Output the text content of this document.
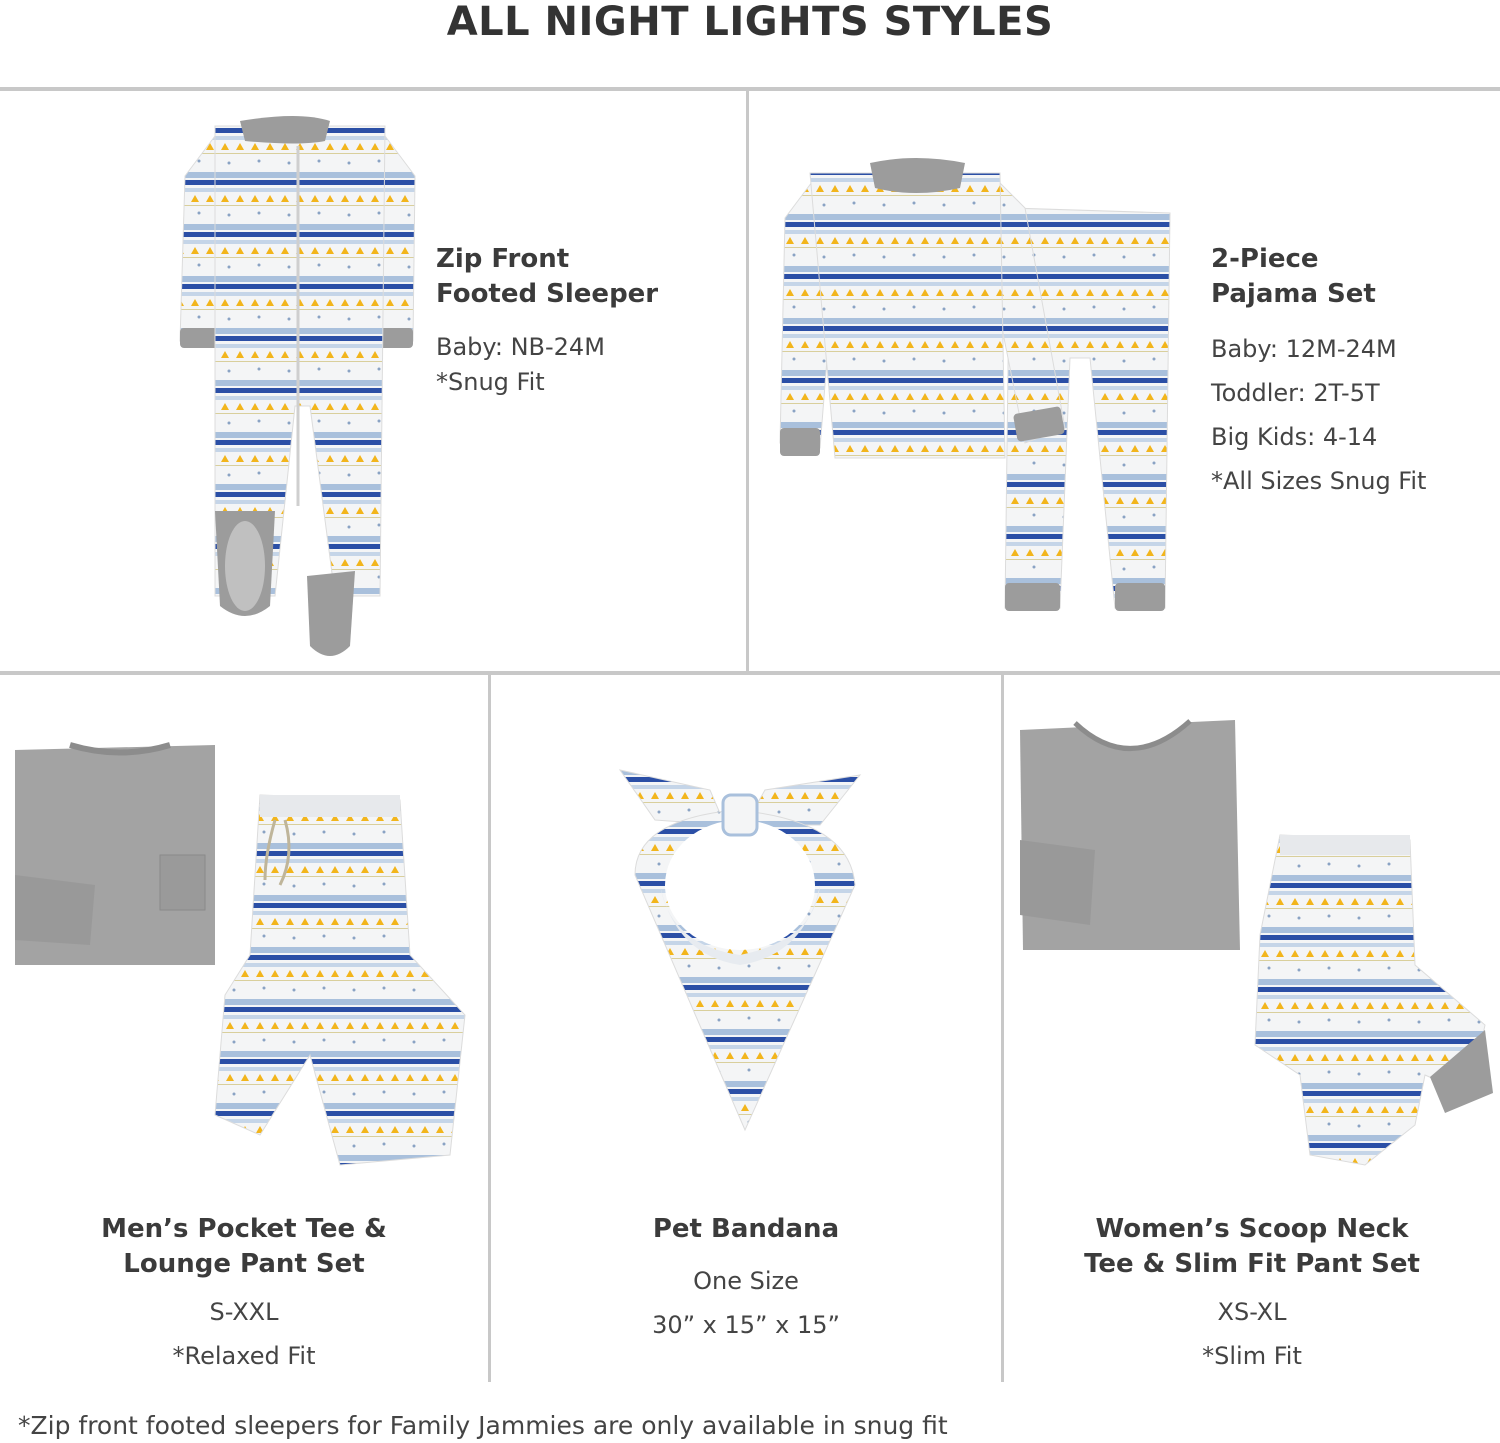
ALL NIGHT LIGHTS STYLES
Zip Front
Footed Sleeper
Baby: NB-24M
*Snug Fit
2-Piece
Pajama Set
Baby: 12M-24M
Toddler: 2T-5T
Big Kids: 4-14
*All Sizes Snug Fit
Men’s Pocket Tee &
Lounge Pant Set
S-XXL
*Relaxed Fit
Pet Bandana
One Size
30” x 15” x 15”
Women’s Scoop Neck
Tee & Slim Fit Pant Set
XS-XL
*Slim Fit
*Zip front footed sleepers for Family Jammies are only available in snug fit
